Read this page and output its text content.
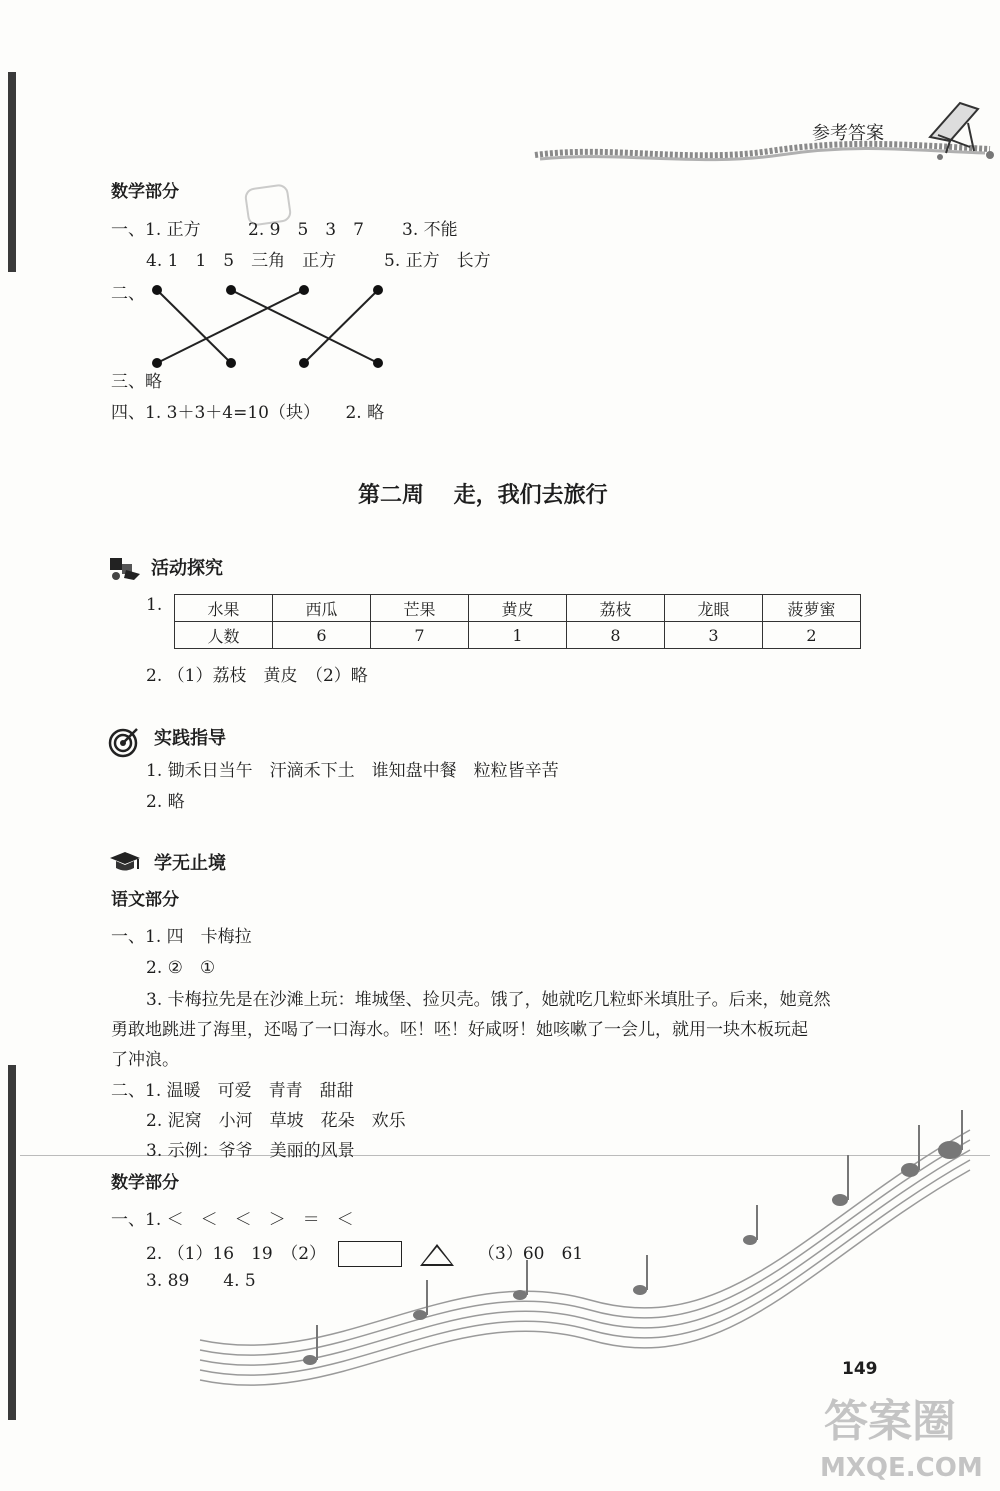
参考答案
数学部分
一、1. 正方	2. 9　5　3　7 3. 不能
4. 1　1　5　三角　正方	5. 正方　长方
二、
三、略
四、1. 3＋3＋4=10（块）　　2. 略
第二周　 走，我们去旅行
活动探究
1.	水果	西瓜	芒果	黄皮	荔枝	龙眼	菠萝蜜
人数	6	7	1	8	3	2
2. （1）荔枝　黄皮　（2）略
实践指导
1. 锄禾日当午　汗滴禾下土　谁知盘中餐　粒粒皆辛苦
2. 略
学无止境
语文部分
一、1. 四　卡梅拉
2. ②　①
3. 卡梅拉先是在沙滩上玩：堆城堡、捡贝壳。饿了，她就吃几粒虾米填肚子。后来，她竟然
勇敢地跳进了海里，还喝了一口海水。呸！呸！好咸呀！她咳嗽了一会儿，就用一块木板玩起
了冲浪。
二、1. 温暖　可爱　青青　甜甜
2. 泥窝　小河　草坡　花朵　欢乐
3. 示例：爷爷　美丽的风景
数学部分
一、1. ＜　＜　＜　＞　＝　＜
2. （1）16　19　（2）	（3）60　61
3. 89　　4. 5
149
答案圈
MXQE.COM
